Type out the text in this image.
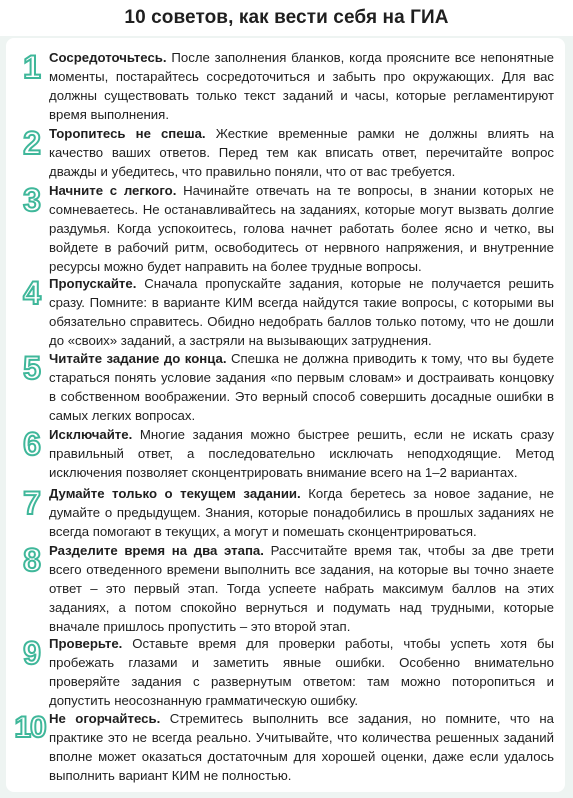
10 советов, как вести себя на ГИА
1 Сосредоточьтесь. После заполнения бланков, когда проясните все непонятные моменты, постарайтесь сосредоточиться и забыть про окружающих. Для вас должны существовать только текст заданий и часы, которые регламентируют время выполнения.
2 Торопитесь не спеша. Жесткие временные рамки не должны влиять на качество ваших ответов. Перед тем как вписать ответ, перечитайте вопрос дважды и убедитесь, что правильно поняли, что от вас требуется.
3 Начните с легкого. Начинайте отвечать на те вопросы, в знании которых не сомневаетесь. Не останавливайтесь на заданиях, которые могут вызвать долгие раздумья. Когда успокоитесь, голова начнет работать более ясно и четко, вы войдете в рабочий ритм, освободитесь от нервного напряжения, и внутренние ресурсы можно будет направить на более трудные вопросы.
4 Пропускайте. Сначала пропускайте задания, которые не получается решить сразу. Помните: в варианте КИМ всегда найдутся такие вопросы, с которыми вы обязательно справитесь. Обидно недобрать баллов только потому, что не дошли до «своих» заданий, а застряли на вызывающих затруднения.
5 Читайте задание до конца. Спешка не должна приводить к тому, что вы будете стараться понять условие задания «по первым словам» и достраивать концовку в собственном воображении. Это верный способ совершить досадные ошибки в самых легких вопросах.
6 Исключайте. Многие задания можно быстрее решить, если не искать сразу правильный ответ, а последовательно исключать неподходящие. Метод исключения позволяет сконцентрировать внимание всего на 1–2 вариантах.
7 Думайте только о текущем задании. Когда беретесь за новое задание, не думайте о предыдущем. Знания, которые понадобились в прошлых заданиях не всегда помогают в текущих, а могут и помешать сконцентрироваться.
8 Разделите время на два этапа. Рассчитайте время так, чтобы за две трети всего отведенного времени выполнить все задания, на которые вы точно знаете ответ – это первый этап. Тогда успеете набрать максимум баллов на этих заданиях, а потом спокойно вернуться и подумать над трудными, которые вначале пришлось пропустить – это второй этап.
9 Проверьте. Оставьте время для проверки работы, чтобы успеть хотя бы пробежать глазами и заметить явные ошибки. Особенно внимательно проверяйте задания с развернутым ответом: там можно поторопиться и допустить неосознанную грамматическую ошибку.
10 Не огорчайтесь. Стремитесь выполнить все задания, но помните, что на практике это не всегда реально. Учитывайте, что количества решенных заданий вполне может оказаться достаточным для хорошей оценки, даже если удалось выполнить вариант КИМ не полностью.
